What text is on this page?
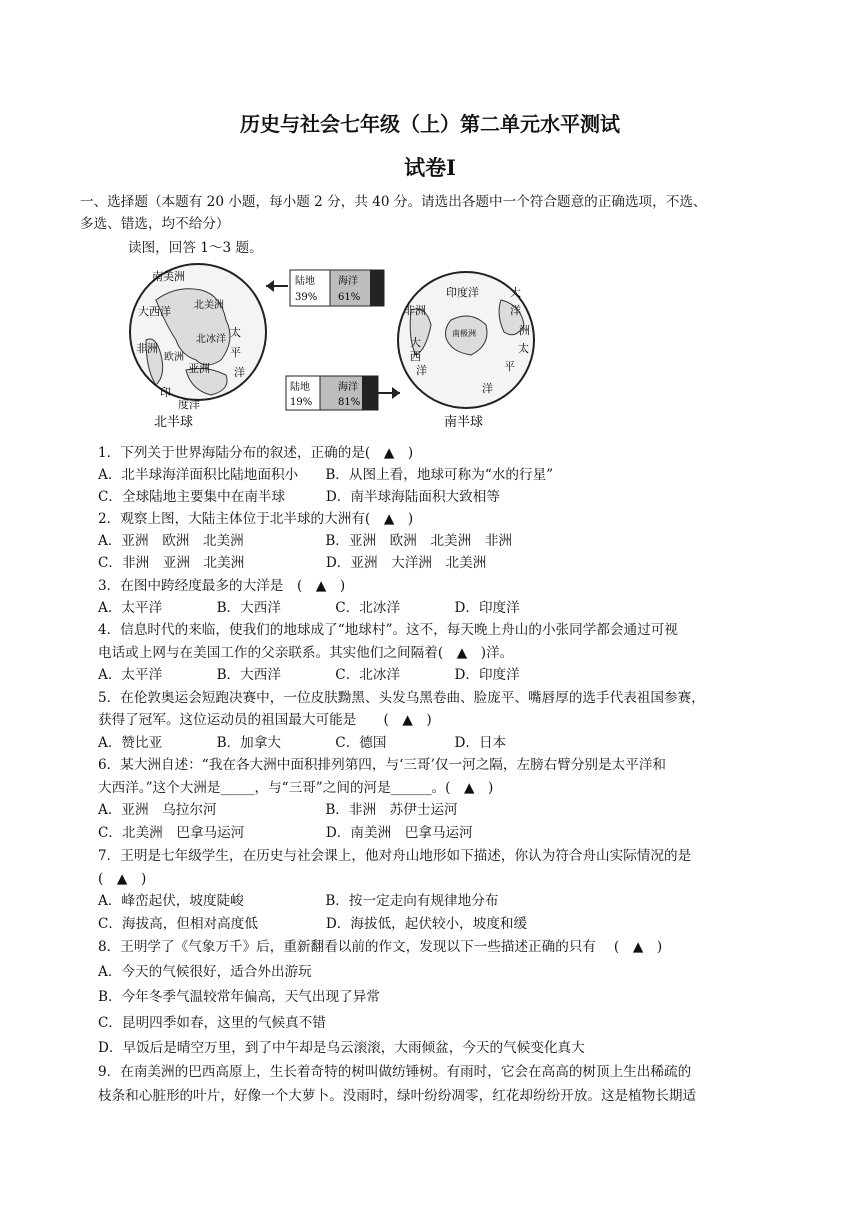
历史与社会七年级（上）第二单元水平测试
试卷I
一、选择题（本题有 20 小题，每小题 2 分，共 40 分。请选出各题中一个符合题意的正确选项，不选、
多选、错选，均不给分）
读图，回答 1～3 题。
南美洲
大西洋 北美洲
北冰洋
非洲
欧洲
亚洲
太
平
洋
印
度洋
北半球
陆地
39%
海洋
61%
陆地
19%
海洋
81%
印度洋
非洲
大
西
洋
南极洲	洲
太
平
洋
大
洋
南半球
1．下列关于世界海陆分布的叙述，正确的是(　▲　)
A．北半球海洋面积比陆地面积小　　B．从图上看，地球可称为“水的行星”
C．全球陆地主要集中在南半球　　　D．南半球海陆面积大致相等
2．观察上图，大陆主体位于北半球的大洲有(　▲　)
A．亚洲　欧洲　北美洲　　　　　　B．亚洲　欧洲　北美洲　非洲
C．非洲　亚洲　北美洲　　　　　　D．亚洲　大洋洲　北美洲
3．在图中跨经度最多的大洋是　(　▲　)
A．太平洋　　　　B．大西洋　　　　C．北冰洋　　　　D．印度洋
4．信息时代的来临，使我们的地球成了“地球村”。这不，每天晚上舟山的小张同学都会通过可视
电话或上网与在美国工作的父亲联系。其实他们之间隔着(　▲　)洋。
A．太平洋　　　　B．大西洋　　　　C．北冰洋　　　　D．印度洋
5．在伦敦奥运会短跑决赛中，一位皮肤黝黑、头发乌黑卷曲、脸庞平、嘴唇厚的选手代表祖国参赛，
获得了冠军。这位运动员的祖国最大可能是　　(　▲　)
A．赞比亚　　　　B．加拿大　　　　C．德国　　　　　D．日本
6．某大洲自述：“我在各大洲中面积排列第四，与‘三哥’仅一河之隔，左膀右臂分别是太平洋和
大西洋。”这个大洲是_____，与“三哥”之间的河是______。(　▲　)
A．亚洲　乌拉尔河　　　　　　　　B．非洲　苏伊士运河
C．北美洲　巴拿马运河　　　　　　D．南美洲　巴拿马运河
7．王明是七年级学生，在历史与社会课上，他对舟山地形如下描述，你认为符合舟山实际情况的是
(　▲　)
A．峰峦起伏，坡度陡峻　　　　　　B．按一定走向有规律地分布
C．海拔高，但相对高度低　　　　　D．海拔低，起伏较小，坡度和缓
8．王明学了《气象万千》后，重新翻看以前的作文，发现以下一些描述正确的只有　 (　▲　)
A．今天的气候很好，适合外出游玩
B．今年冬季气温较常年偏高，天气出现了异常
C．昆明四季如春，这里的气候真不错
D．早饭后是晴空万里，到了中午却是乌云滚滚，大雨倾盆，今天的气候变化真大
9．在南美洲的巴西高原上，生长着奇特的树叫做纺锤树。有雨时，它会在高高的树顶上生出稀疏的
枝条和心脏形的叶片，好像一个大萝卜。没雨时，绿叶纷纷凋零，红花却纷纷开放。这是植物长期适
